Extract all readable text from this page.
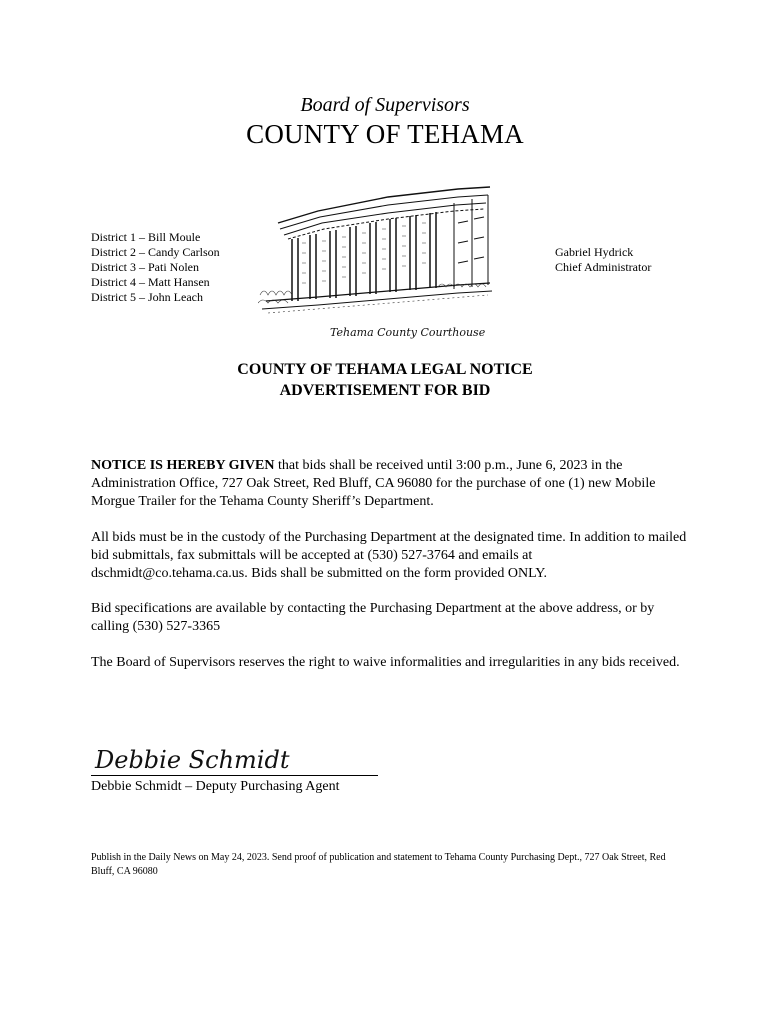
Board of Supervisors
COUNTY OF TEHAMA
District 1 – Bill Moule
District 2 – Candy Carlson
District 3 – Pati Nolen
District 4 – Matt Hansen
District 5 – John Leach
Tehama County Courthouse
Gabriel Hydrick
Chief Administrator
COUNTY OF TEHAMA LEGAL NOTICE
ADVERTISEMENT FOR BID

NOTICE IS HEREBY GIVEN that bids shall be received until 3:00 p.m., June 6, 2023 in the Administration Office, 727 Oak Street, Red Bluff, CA 96080 for the purchase of one (1) new Mobile Morgue Trailer for the Tehama County Sheriff’s Department.

All bids must be in the custody of the Purchasing Department at the designated time. In addition to mailed bid submittals, fax submittals will be accepted at (530) 527-3764 and emails at dschmidt@co.tehama.ca.us. Bids shall be submitted on the form provided ONLY.

Bid specifications are available by contacting the Purchasing Department at the above address, or by calling (530) 527-3365

The Board of Supervisors reserves the right to waive informalities and irregularities in any bids received.

Debbie Schmidt
Debbie Schmidt – Deputy Purchasing Agent
Publish in the Daily News on May 24, 2023. Send proof of publication and statement to Tehama County Purchasing Dept., 727 Oak Street, Red Bluff, CA 96080
